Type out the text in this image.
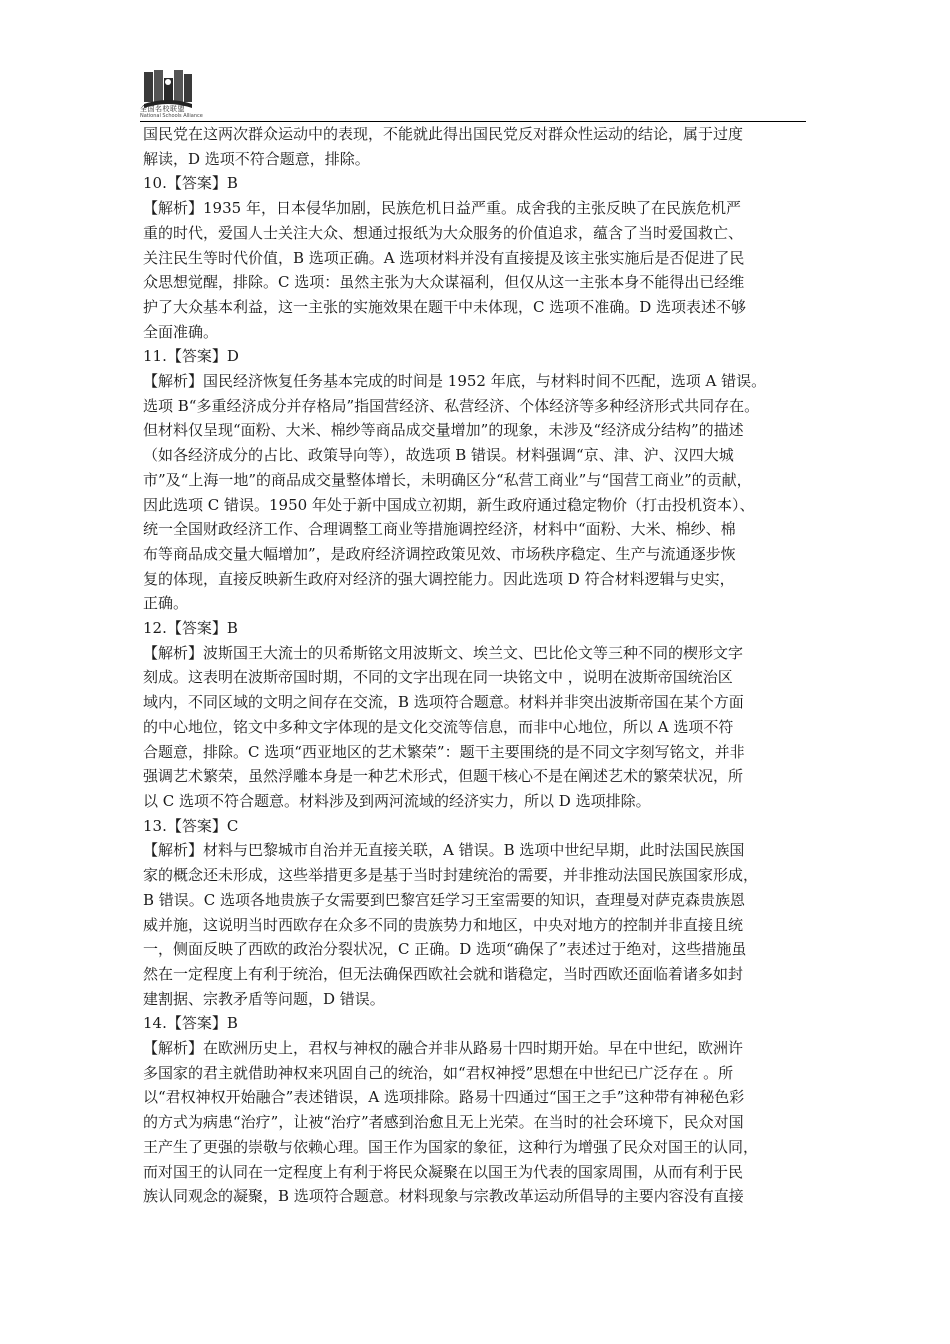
全国名校联盟
National Schools Alliance

国民党在这两次群众运动中的表现，不能就此得出国民党反对群众性运动的结论，属于过度

解读，D 选项不符合题意，排除。

10.【答案】B

【解析】1935 年，日本侵华加剧，民族危机日益严重。成舍我的主张反映了在民族危机严

重的时代，爱国人士关注大众、想通过报纸为大众服务的价值追求，蕴含了当时爱国救亡、

关注民生等时代价值，B 选项正确。A 选项材料并没有直接提及该主张实施后是否促进了民

众思想觉醒，排除。C 选项：虽然主张为大众谋福利，但仅从这一主张本身不能得出已经维

护了大众基本利益，这一主张的实施效果在题干中未体现，C 选项不准确。D 选项表述不够

全面准确。

11.【答案】D

【解析】国民经济恢复任务基本完成的时间是 1952 年底，与材料时间不匹配，选项 A 错误。

选项 B“多重经济成分并存格局”指国营经济、私营经济、个体经济等多种经济形式共同存在。

但材料仅呈现“面粉、大米、棉纱等商品成交量增加”的现象，未涉及“经济成分结构”的描述

（如各经济成分的占比、政策导向等），故选项 B 错误。材料强调“京、津、沪、汉四大城

市”及“上海一地”的商品成交量整体增长，未明确区分“私营工商业”与“国营工商业”的贡献，

因此选项 C 错误。1950 年处于新中国成立初期，新生政府通过稳定物价（打击投机资本）、

统一全国财政经济工作、合理调整工商业等措施调控经济，材料中“面粉、大米、棉纱、棉

布等商品成交量大幅增加”，是政府经济调控政策见效、市场秩序稳定、生产与流通逐步恢

复的体现，直接反映新生政府对经济的强大调控能力。因此选项 D 符合材料逻辑与史实，

正确。

12.【答案】B

【解析】波斯国王大流士的贝希斯铭文用波斯文、埃兰文、巴比伦文等三种不同的楔形文字

刻成。这表明在波斯帝国时期，不同的文字出现在同一块铭文中 ，说明在波斯帝国统治区

域内，不同区域的文明之间存在交流，B 选项符合题意。材料并非突出波斯帝国在某个方面

的中心地位，铭文中多种文字体现的是文化交流等信息，而非中心地位，所以 A 选项不符

合题意，排除。C 选项“西亚地区的艺术繁荣”：题干主要围绕的是不同文字刻写铭文，并非

强调艺术繁荣，虽然浮雕本身是一种艺术形式，但题干核心不是在阐述艺术的繁荣状况，所

以 C 选项不符合题意。材料涉及到两河流域的经济实力，所以 D 选项排除。

13.【答案】C

【解析】材料与巴黎城市自治并无直接关联，A 错误。B 选项中世纪早期，此时法国民族国

家的概念还未形成，这些举措更多是基于当时封建统治的需要，并非推动法国民族国家形成，

B 错误。C 选项各地贵族子女需要到巴黎宫廷学习王室需要的知识，查理曼对萨克森贵族恩

威并施，这说明当时西欧存在众多不同的贵族势力和地区，中央对地方的控制并非直接且统

一，侧面反映了西欧的政治分裂状况，C 正确。D 选项“确保了”表述过于绝对，这些措施虽

然在一定程度上有利于统治，但无法确保西欧社会就和谐稳定，当时西欧还面临着诸多如封

建割据、宗教矛盾等问题，D 错误。

14.【答案】B

【解析】在欧洲历史上，君权与神权的融合并非从路易十四时期开始。早在中世纪，欧洲许

多国家的君主就借助神权来巩固自己的统治，如“君权神授”思想在中世纪已广泛存在 。所

以“君权神权开始融合”表述错误，A 选项排除。路易十四通过“国王之手”这种带有神秘色彩

的方式为病患“治疗”，让被“治疗”者感到治愈且无上光荣。在当时的社会环境下，民众对国

王产生了更强的崇敬与依赖心理。国王作为国家的象征，这种行为增强了民众对国王的认同，

而对国王的认同在一定程度上有利于将民众凝聚在以国王为代表的国家周围，从而有利于民

族认同观念的凝聚，B 选项符合题意。材料现象与宗教改革运动所倡导的主要内容没有直接
